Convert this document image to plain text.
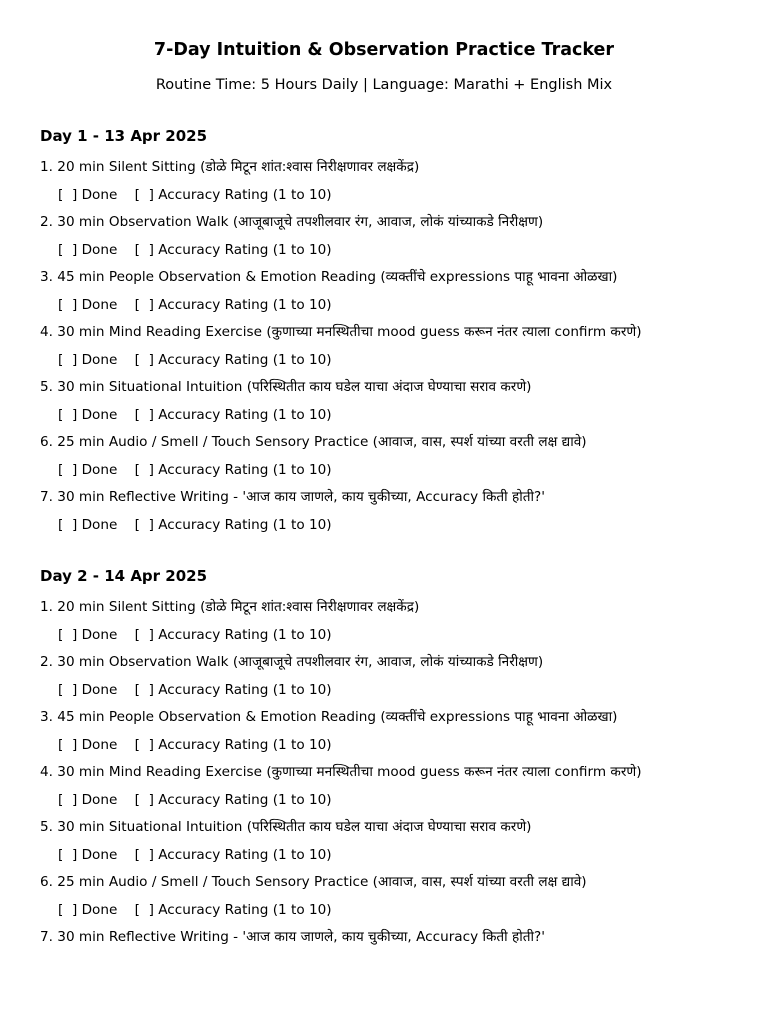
7-Day Intuition & Observation Practice Tracker

Routine Time: 5 Hours Daily | Language: Marathi + English Mix

Day 1 - 13 Apr 2025
1. 20 min Silent Sitting (डोळे मिटून शांत:श्वास निरीक्षणावर लक्षकेंद्र)
[  ] Done [  ] Accuracy Rating (1 to 10)
2. 30 min Observation Walk (आजूबाजूचे तपशीलवार रंग, आवाज, लोकं यांच्याकडे निरीक्षण)
[  ] Done [  ] Accuracy Rating (1 to 10)
3. 45 min People Observation & Emotion Reading (व्यक्तींचे expressions पाहू भावना ओळखा)
[  ] Done [  ] Accuracy Rating (1 to 10)
4. 30 min Mind Reading Exercise (कुणाच्या मनस्थितीचा mood guess करून नंतर त्याला confirm करणे)
[  ] Done [  ] Accuracy Rating (1 to 10)
5. 30 min Situational Intuition (परिस्थितीत काय घडेल याचा अंदाज घेण्याचा सराव करणे)
[  ] Done [  ] Accuracy Rating (1 to 10)
6. 25 min Audio / Smell / Touch Sensory Practice (आवाज, वास, स्पर्श यांच्या वरती लक्ष द्यावे)
[  ] Done [  ] Accuracy Rating (1 to 10)
7. 30 min Reflective Writing - 'आज काय जाणले, काय चुकीच्या, Accuracy किती होती?'
[  ] Done [  ] Accuracy Rating (1 to 10)
Day 2 - 14 Apr 2025
1. 20 min Silent Sitting (डोळे मिटून शांत:श्वास निरीक्षणावर लक्षकेंद्र)
[  ] Done [  ] Accuracy Rating (1 to 10)
2. 30 min Observation Walk (आजूबाजूचे तपशीलवार रंग, आवाज, लोकं यांच्याकडे निरीक्षण)
[  ] Done [  ] Accuracy Rating (1 to 10)
3. 45 min People Observation & Emotion Reading (व्यक्तींचे expressions पाहू भावना ओळखा)
[  ] Done [  ] Accuracy Rating (1 to 10)
4. 30 min Mind Reading Exercise (कुणाच्या मनस्थितीचा mood guess करून नंतर त्याला confirm करणे)
[  ] Done [  ] Accuracy Rating (1 to 10)
5. 30 min Situational Intuition (परिस्थितीत काय घडेल याचा अंदाज घेण्याचा सराव करणे)
[  ] Done [  ] Accuracy Rating (1 to 10)
6. 25 min Audio / Smell / Touch Sensory Practice (आवाज, वास, स्पर्श यांच्या वरती लक्ष द्यावे)
[  ] Done [  ] Accuracy Rating (1 to 10)
7. 30 min Reflective Writing - 'आज काय जाणले, काय चुकीच्या, Accuracy किती होती?'
